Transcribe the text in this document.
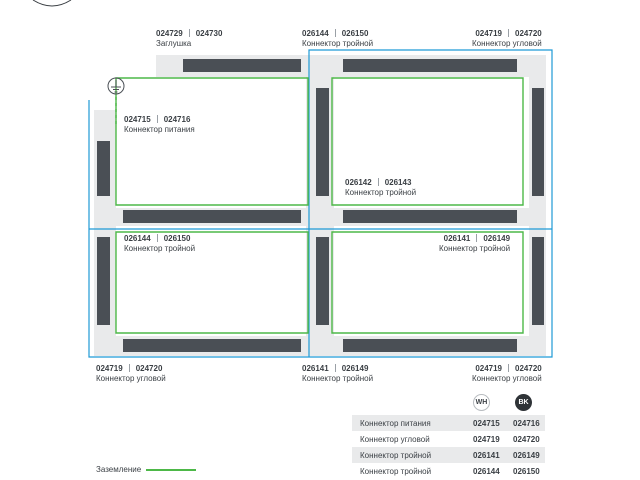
024729 024730
Заглушка
026144 026150
Коннектор тройной
024719 024720
Коннектор угловой
024715 024716
Коннектор питания
026142 026143
Коннектор тройной
026144 026150
Коннектор тройной
026141 026149
Коннектор тройной
024719 024720
Коннектор угловой
026141 026149
Коннектор тройной
024719 024720
Коннектор угловой
WH	BK
Коннектор питания	024715	024716
Коннектор угловой	024719	024720
Коннектор тройной	026141	026149
Коннектор тройной	026144	026150
Заземление
